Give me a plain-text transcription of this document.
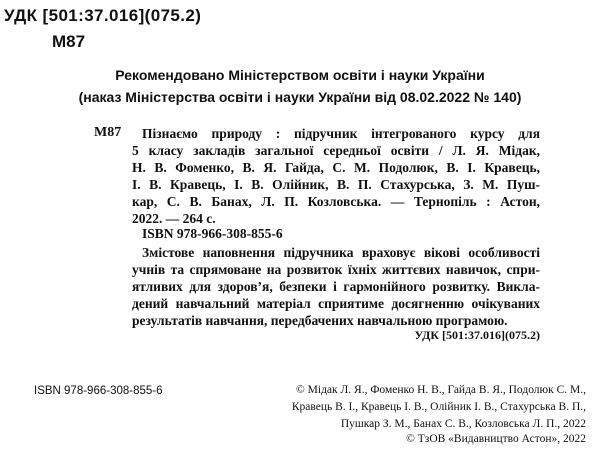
УДК [501:37.016](075.2)
М87
Рекомендовано Міністерством освіти і науки України
(наказ Міністерства освіти і науки України від 08.02.2022 № 140)
М87 Пізнаємо природу : підручник інтегрованого курсу для
5 класу закладів загальної середньої освіти / Л. Я. Мідак,
Н. В. Фоменко, В. Я. Гайда, С. М. Подолюк, В. І. Кравець,
І. В. Кравець, І. В. Олійник, В. П. Стахурська, З. М. Пуш-
кар, С. В. Банах, Л. П. Козловська. — Тернопіль : Астон,
2022. — 264 с.
ISBN 978-966-308-855-6
Змістове наповнення підручника враховує вікові особливості
учнів та спрямоване на розвиток їхніх життєвих навичок, спри-
ятливих для здоров’я, безпеки і гармонійного розвитку. Викла-
дений навчальний матеріал сприятиме досягненню очікуваних
результатів навчання, передбачених навчальною програмою.
УДК [501:37.016](075.2)
ISBN 978-966-308-855-6	© Мідак Л. Я., Фоменко Н. В., Гайда В. Я., Подолюк С. М.,
Кравець В. І., Кравець І. В., Олійник І. В., Стахурська В. П.,
Пушкар З. М., Банах С. В., Козловська Л. П., 2022
© ТзОВ «Видавництво Астон», 2022
